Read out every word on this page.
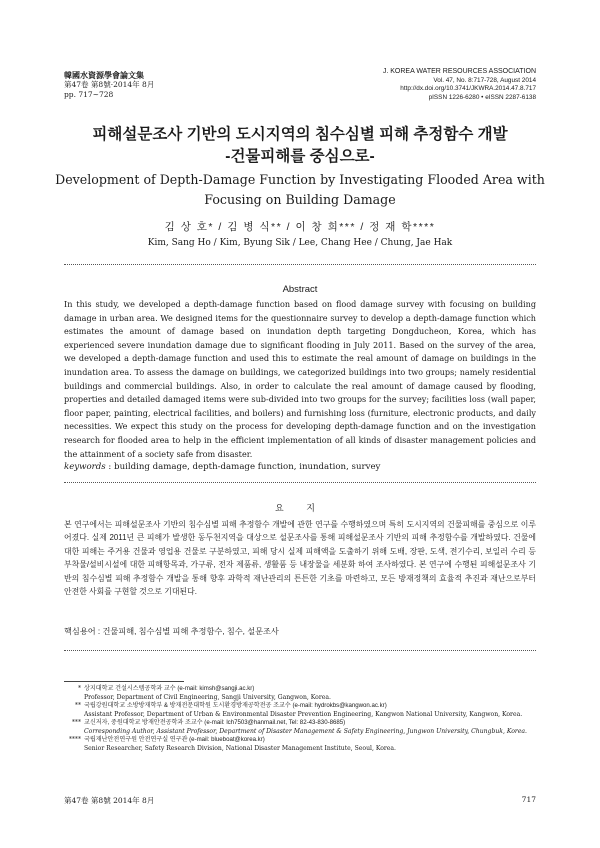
韓國水資源學會論文集
第47卷 第8號·2014年 8月
pp. 717~728
J. KOREA WATER RESOURCES ASSOCIATION
Vol. 47, No. 8:717-728, August 2014
http://dx.doi.org/10.3741/JKWRA.2014.47.8.717
pISSN 1226-6280 • eISSN 2287-6138
피해설문조사 기반의 도시지역의 침수심별 피해 추정함수 개발
-건물피해를 중심으로-
Development of Depth-Damage Function by Investigating Flooded Area with
Focusing on Building Damage
김 상 호* / 김 병 식** / 이 창 희*** / 정 재 학****
Kim, Sang Ho / Kim, Byung Sik / Lee, Chang Hee / Chung, Jae Hak
Abstract
In this study, we developed a depth-damage function based on flood damage survey with focusing on building damage in urban area. We designed items for the questionnaire survey to develop a depth-damage function which estimates the amount of damage based on inundation depth targeting Dongducheon, Korea, which has experienced severe inundation damage due to significant flooding in July 2011. Based on the survey of the area, we developed a depth-damage function and used this to estimate the real amount of damage on buildings in the inundation area. To assess the damage on buildings, we categorized buildings into two groups; namely residential buildings and commercial buildings. Also, in order to calculate the real amount of damage caused by flooding, properties and detailed damaged items were sub-divided into two groups for the survey; facilities loss (wall paper, floor paper, painting, electrical facilities, and boilers) and furnishing loss (furniture, electronic products, and daily necessities. We expect this study on the process for developing depth-damage function and on the investigation research for flooded area to help in the efficient implementation of all kinds of disaster management policies and the attainment of a society safe from disaster.
keywords : building damage, depth-damage function, inundation, survey
요 지
본 연구에서는 피해설문조사 기반의 침수심별 피해 추정함수 개발에 관한 연구를 수행하였으며 특히 도시지역의 건물피해를 중심으로 이루어졌다. 실제 2011년 큰 피해가 발생한 동두천지역을 대상으로 설문조사를 통해 피해설문조사 기반의 피해 추정함수를 개발하였다. 건물에 대한 피해는 주거용 건물과 영업용 건물로 구분하였고, 피해 당시 실제 피해액을 도출하기 위해 도배, 장판, 도색, 전기수리, 보일러 수리 등 부착물/설비시설에 대한 피해항목과, 가구류, 전자 제품류, 생활품 등 내장물을 세분화 하여 조사하였다. 본 연구에 수행된 피해설문조사 기반의 침수심별 피해 추정함수 개발을 통해 향후 과학적 재난관리의 튼튼한 기초를 마련하고, 모든 방재정책의 효율적 추진과 재난으로부터 안전한 사회를 구현할 것으로 기대된다.
핵심용어 : 건물피해, 침수심별 피해 추정함수, 침수, 설문조사
* 상지대학교 건설시스템공학과 교수 (e-mail: kimsh@sangji.ac.kr)
Professor, Department of Civil Engineering, Sangji University, Gangwon, Korea.
** 국립강원대학교 소방방재학부 & 방재전문대학원 도시환경방재공학전공 조교수 (e-mail: hydrokbs@kangwon.ac.kr)
Assistant Professor, Department of Urban & Environmental Disaster Prevention Engineering, Kangwon National University, Kangwon, Korea.
*** 교신저자, 중원대학교 방재안전공학과 조교수 (e-mail: lch7503@hanmail.net, Tel: 82-43-830-8685)
Corresponding Author, Assistant Professor, Department of Disaster Management & Safety Engineering, Jungwon University, Chungbuk, Korea.
**** 국립재난안전연구원 안전연구실 연구관 (e-mail: blueboat@korea.kr)
Senior Researcher, Safety Research Division, National Disaster Management Institute, Seoul, Korea.
第47卷 第8號 2014年 8月	717
